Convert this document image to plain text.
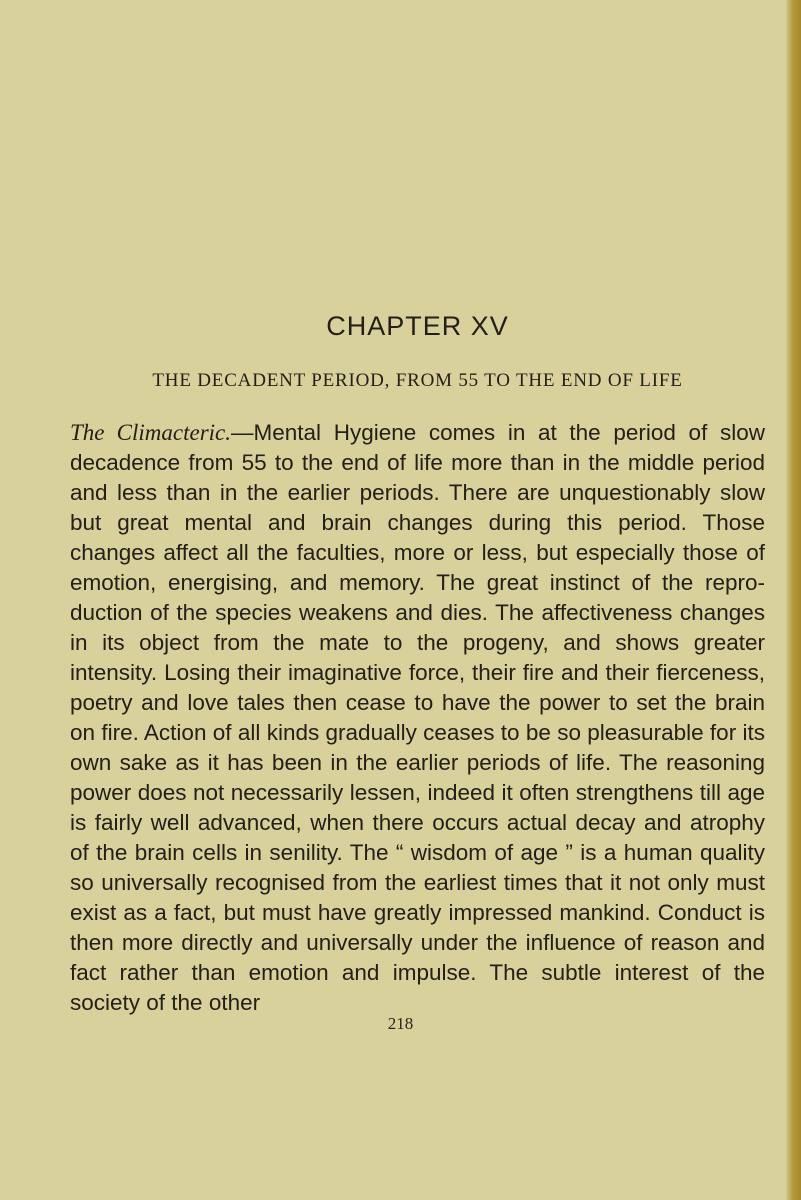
CHAPTER XV
THE DECADENT PERIOD, FROM 55 TO THE END OF LIFE

The Climacteric.—Mental Hygiene comes in at the period of slow decadence from 55 to the end of life more than in the middle period and less than in the earlier periods. There are unquestionably slow but great mental and brain changes during this period. Those changes affect all the faculties, more or less, but especially those of emotion, energising, and memory. The great instinct of the reproduction of the species weakens and dies. The affectiveness changes in its object from the mate to the progeny, and shows greater intensity. Losing their imaginative force, their fire and their fierceness, poetry and love tales then cease to have the power to set the brain on fire. Action of all kinds gradually ceases to be so pleasurable for its own sake as it has been in the earlier periods of life. The reasoning power does not necessarily lessen, indeed it often strengthens till age is fairly well advanced, when there occurs actual decay and atrophy of the brain cells in senility. The “ wisdom of age ” is a human quality so universally recognised from the earliest times that it not only must exist as a fact, but must have greatly impressed mankind. Conduct is then more directly and universally under the influence of reason and fact rather than emotion and impulse. The subtle interest of the society of the other

218
